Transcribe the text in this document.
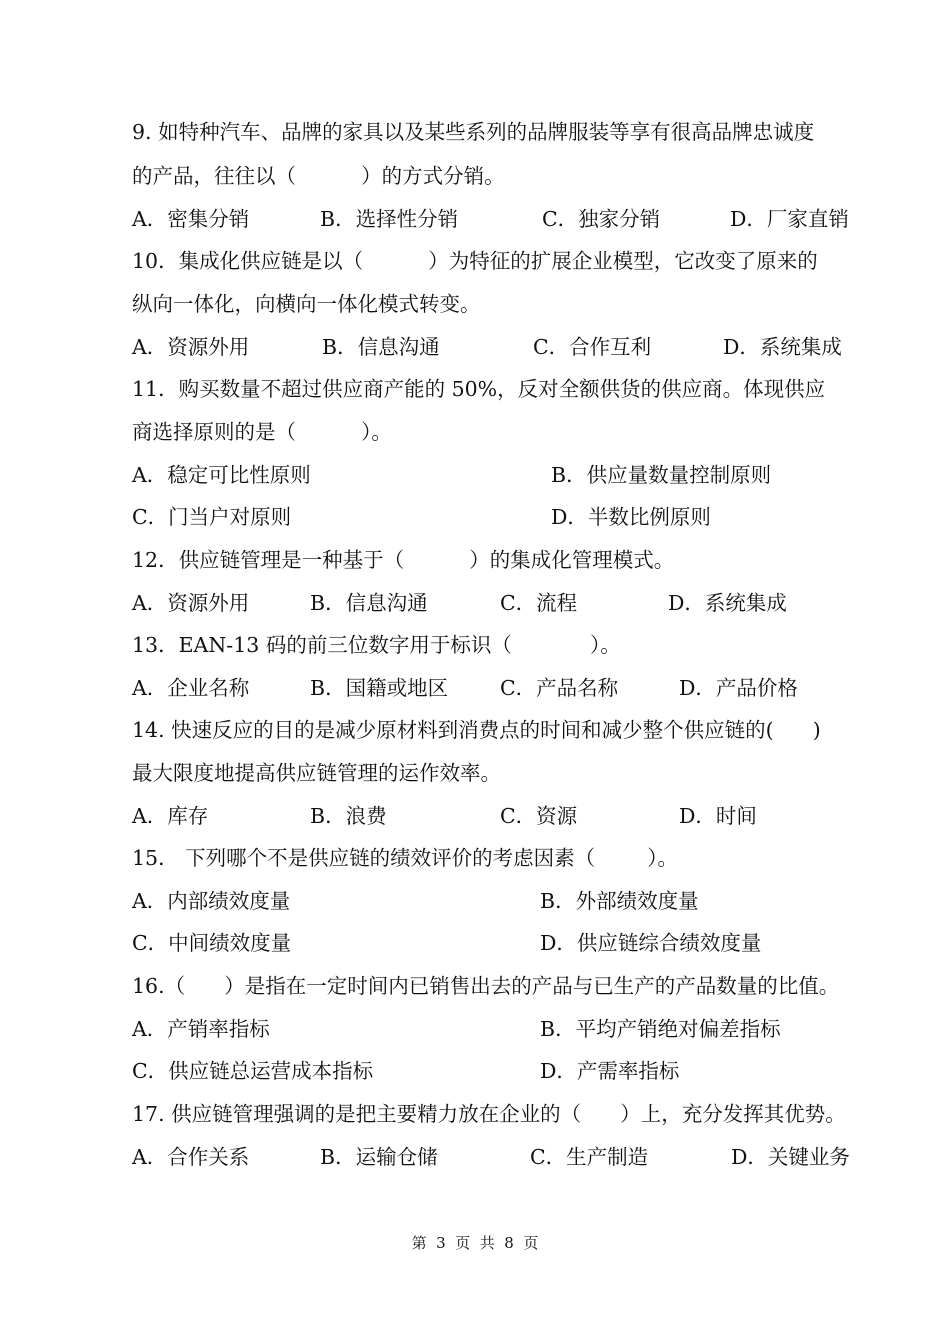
9. 如特种汽车、品牌的家具以及某些系列的品牌服装等享有很高品牌忠诚度
的产品，往往以（          ）的方式分销。
A．密集分销	B．选择性分销	C．独家分销	D．厂家直销
10．集成化供应链是以（          ）为特征的扩展企业模型，它改变了原来的
纵向一体化，向横向一体化模式转变。
A．资源外用	B．信息沟通	C．合作互利	D．系统集成
11．购买数量不超过供应商产能的 50%，反对全额供货的供应商。体现供应
商选择原则的是（          ）。
A．稳定可比性原则	B．供应量数量控制原则
C．门当户对原则	D．半数比例原则
12．供应链管理是一种基于（          ）的集成化管理模式。
A．资源外用	B．信息沟通	C．流程	D．系统集成
13．EAN-13 码的前三位数字用于标识（            ）。
A．企业名称	B．国籍或地区	C．产品名称	D．产品价格
14. 快速反应的目的是减少原材料到消费点的时间和减少整个供应链的(      )
最大限度地提高供应链管理的运作效率。
A．库存	B．浪费	C．资源	D．时间
15． 下列哪个不是供应链的绩效评价的考虑因素（        ）。
A．内部绩效度量	B．外部绩效度量
C．中间绩效度量	D．供应链综合绩效度量
16.（      ）是指在一定时间内已销售出去的产品与已生产的产品数量的比值。
A．产销率指标	B．平均产销绝对偏差指标
C．供应链总运营成本指标	D．产需率指标
17. 供应链管理强调的是把主要精力放在企业的（      ）上，充分发挥其优势。
A．合作关系	B．运输仓储	C．生产制造	D．关键业务
第  3  页  共  8  页
